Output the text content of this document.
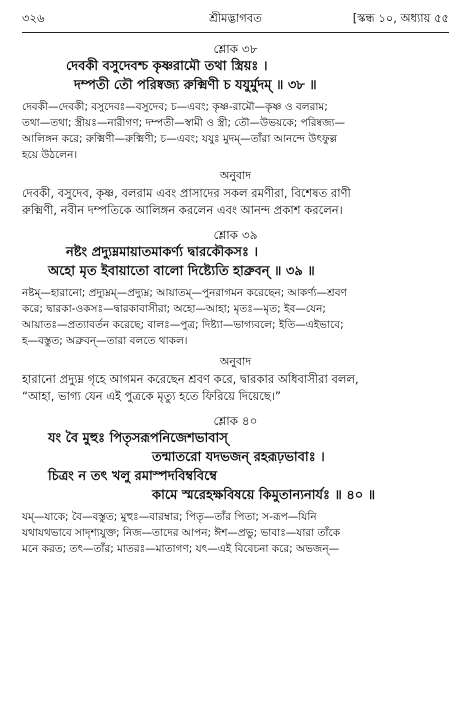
৩২৬	শ্রীমদ্ভাগবত	[স্কন্ধ ১০, অধ্যায় ৫৫
শ্লোক ৩৮
দেবকী বসুদেবশ্চ কৃষ্ণরামৌ তথা স্ত্রিয়ঃ ।
দম্পতী তৌ পরিষ্বজ্য রুক্মিণী চ যযুর্মুদম্‌ ॥ ৩৮ ॥
দেবকী—দেবকী; বসুদেবঃ—বসুদেব; চ—এবং; কৃষ্ণ-রামৌ—কৃষ্ণ ও বলরাম;
তথা—তথা; স্ত্রীয়ঃ—নারীগণ; দম্পতী—স্বামী ও স্ত্রী; তৌ—উভয়কে; পরিষ্বজ্য—
আলিঙ্গন করে; রুক্মিণী—রুক্মিণী; চ—এবং; যযুঃ মুদম্‌—তাঁরা আনন্দে উৎফুল্ল
হয়ে উঠলেন।
অনুবাদ
দেবকী, বসুদেব, কৃষ্ণ, বলরাম এবং প্রাসাদের সকল রমণীরা, বিশেষত রাণী
রুক্মিণী, নবীন দম্পতিকে আলিঙ্গন করলেন এবং আনন্দ প্রকাশ করলেন।
শ্লোক ৩৯
নষ্টং প্রদ্যুম্নমায়াতমাকর্ণ্য দ্বারকৌকসঃ ।
অহো মৃত ইবায়াতো বালো দিষ্ট্যেতি হাব্রুবন্‌ ॥ ৩৯ ॥
নষ্টম্‌—হারানো; প্রদ্যুম্নম্‌—প্রদ্যুম্ন; আয়াতম্‌—পুনরাগমন করেছেন; আকর্ণ্য—শ্রবণ
করে; দ্বারকা-ওকসঃ—দ্বারকাবাসীরা; অহো—আহা; মৃতঃ—মৃত; ইব—যেন;
আয়াতঃ—প্রত্যাবর্তন করেছে; বালঃ—পুত্র; দিষ্ট্যা—ভাগ্যবলে; ইতি—এইভাবে;
হ—বস্তুত; অব্রুবন্‌—তারা বলতে থাকল।
অনুবাদ
হারানো প্রদ্যুম্ন গৃহে আগমন করেছেন শ্রবণ করে, দ্বারকার অধিবাসীরা বলল,
“আহা, ভাগ্য যেন এই পুত্রকে মৃত্যু হতে ফিরিয়ে দিয়েছে।”
শ্লোক ৪০
যং বৈ মুহুঃ পিতৃসরূপনিজেশভাবাস্‌
তন্মাতরো যদভজন্‌ রহরূঢ়ভাবাঃ ।
চিত্রং ন তৎ খলু রমাস্পদবিম্ববিম্বে
কামে স্মরেহক্ষবিষয়ে কিমুতান্যনার্যঃ ॥ ৪০ ॥
যম্‌—যাকে; বৈ—বস্তুত; মুহুঃ—বারম্বার; পিতৃ—তাঁর পিতা; স-রূপ—যিনি
যথাযথভাবে সাদৃশ্যযুক্ত; নিজ—তাদের আপন; ঈশ—প্রভু; ভাবাঃ—যারা তাঁকে
মনে করত; তৎ—তাঁর; মাতরঃ—মাতাগণ; যৎ—এই বিবেচনা করে; অভজন্‌—
